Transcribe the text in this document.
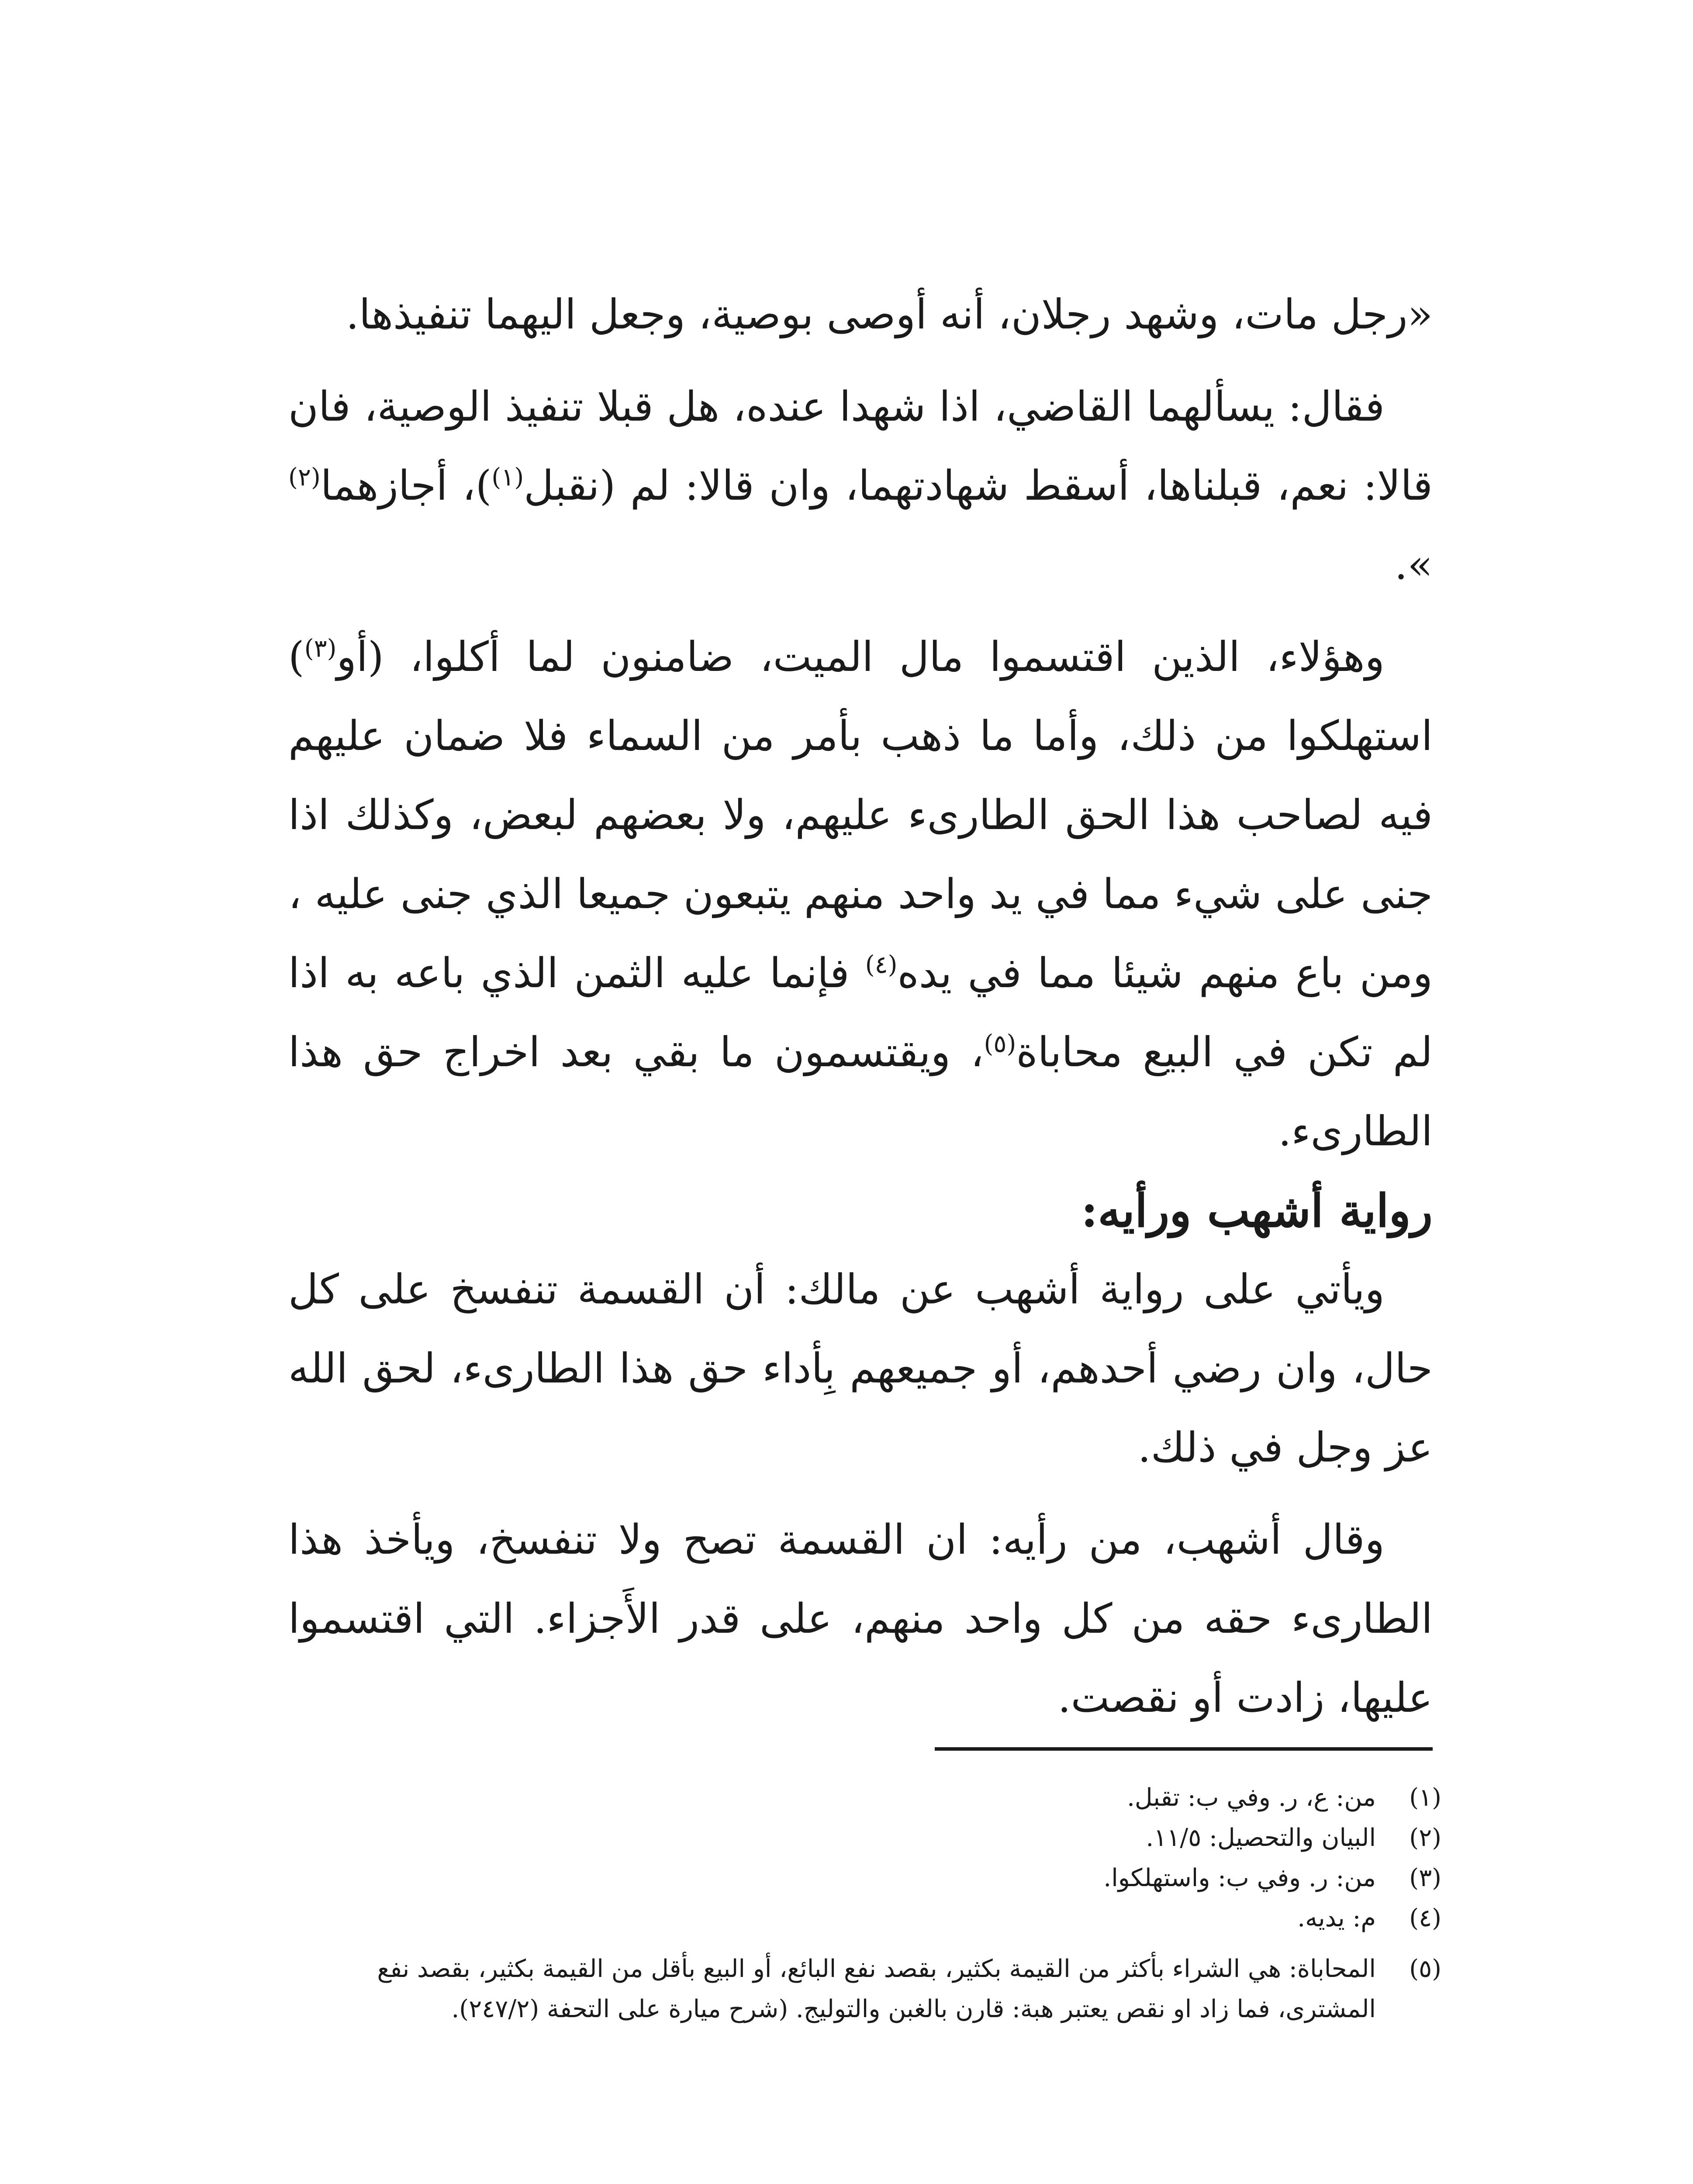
«رجل مات، وشهد رجلان، أنه أوصى بوصية، وجعل اليهما تنفيذها.

فقال: يسألهما القاضي، اذا شهدا عنده، هل قبلا تنفيذ الوصية، فان قالا: نعم، قبلناها، أسقط شهادتهما، وان قالا: لم (نقبل$^{(١)}$)، أجازهما$^{(٢)}$ ».

وهؤلاء، الذين اقتسموا مال الميت، ضامنون لما أكلوا، (أو$^{(٣)}$) استهلكوا من ذلك، وأما ما ذهب بأمر من السماء فلا ضمان عليهم فيه لصاحب هذا الحق الطارىء عليهم، ولا بعضهم لبعض، وكذلك اذا جنى على شيء مما في يد واحد منهم يتبعون جميعا الذي جنى عليه ، ومن باع منهم شيئا مما في يده$^{(٤)}$ فإنما عليه الثمن الذي باعه به اذا لم تكن في البيع محاباة$^{(٥)}$، ويقتسمون ما بقي بعد اخراج حق هذا الطارىء.

رواية أشهب ورأيه:

ويأتي على رواية أشهب عن مالك: أن القسمة تنفسخ على كل حال، وان رضي أحدهم، أو جميعهم بِأداء حق هذا الطارىء، لحق الله عز وجل في ذلك.

وقال أشهب، من رأيه: ان القسمة تصح ولا تنفسخ، ويأخذ هذا الطارىء حقه من كل واحد منهم، على قدر الأَجزاء. التي اقتسموا عليها، زادت أو نقصت.

(١)
من: ع، ر. وفي ب: تقبل.

(٢)
البيان والتحصيل: ١١/٥.

(٣)
من: ر. وفي ب: واستهلكوا.

(٤)
م: يديه.

(٥)
المحاباة: هي الشراء بأكثر من القيمة بكثير، بقصد نفع البائع، أو البيع بأقل من القيمة بكثير، بقصد نفع المشترى، فما زاد او نقص يعتبر هبة: قارن بالغبن والتوليج. (شرح ميارة على التحفة (٢٤٧/٢).
